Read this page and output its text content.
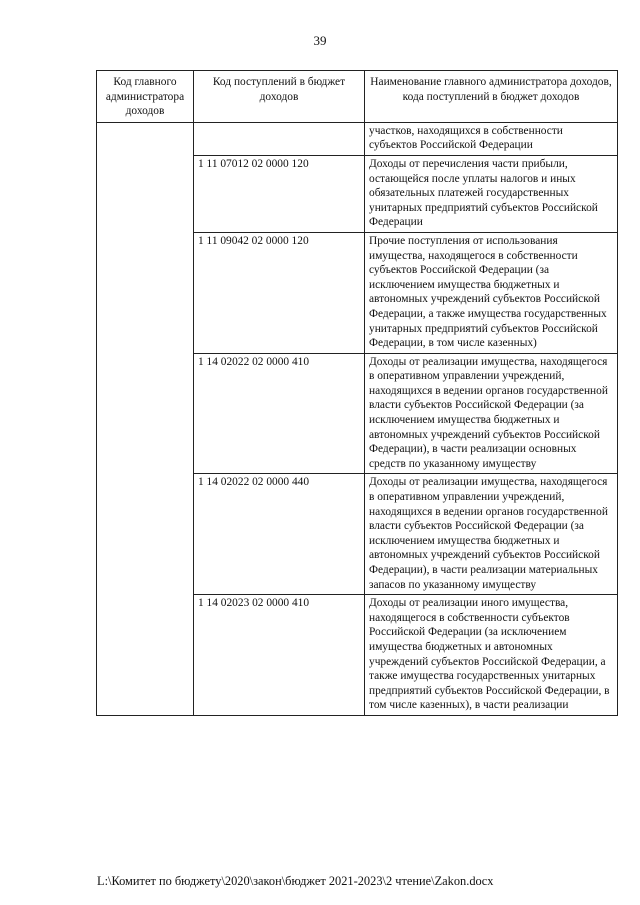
39
Код главного администратора доходов	Код поступлений в бюджет доходов	Наименование главного администратора доходов, кода поступлений в бюджет доходов
		участков, находящихся в собственности субъектов Российской Федерации
	1 11 07012 02 0000 120	Доходы от перечисления части прибыли, остающейся после уплаты налогов и иных обязательных платежей государственных унитарных предприятий субъектов Российской Федерации
	1 11 09042 02 0000 120	Прочие поступления от использования имущества, находящегося в собственности субъектов Российской Федерации (за исключением имущества бюджетных и автономных учреждений субъектов Российской Федерации, а также имущества государственных унитарных предприятий субъектов Российской Федерации, в том числе казенных)
	1 14 02022 02 0000 410	Доходы от реализации имущества, находящегося в оперативном управлении учреждений, находящихся в ведении органов государственной власти субъектов Российской Федерации (за исключением имущества бюджетных и автономных учреждений субъектов Российской Федерации), в части реализации основных средств по указанному имуществу
	1 14 02022 02 0000 440	Доходы от реализации имущества, находящегося в оперативном управлении учреждений, находящихся в ведении органов государственной власти субъектов Российской Федерации (за исключением имущества бюджетных и автономных учреждений субъектов Российской Федерации), в части реализации материальных запасов по указанному имуществу
	1 14 02023 02 0000 410	Доходы от реализации иного имущества, находящегося в собственности субъектов Российской Федерации (за исключением имущества бюджетных и автономных учреждений субъектов Российской Федерации, а также имущества государственных унитарных предприятий субъектов Российской Федерации, в том числе казенных), в части реализации
L:\Комитет по бюджету\2020\закон\бюджет 2021-2023\2 чтение\Zakon.docx
